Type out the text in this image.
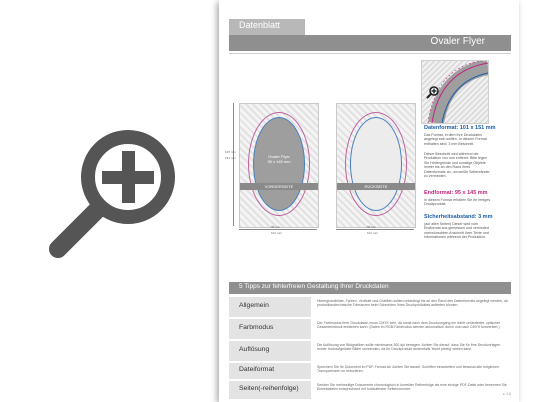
Datenblatt
Ovaler Flyer
Ovaler Flyer
95 x 145 mm
VORDERSEITE	RÜCKSEITE
95 mm
101 mm
95 mm
101 mm
145 mm
151 mm
Datenformat: 101 x 151 mm
Das Format, in dem Ihre Druckdaten angelegt sein sollten. In diesem Format enthalten sind: 3 mm Beschnitt.
Dieser Beschnitt wird während der Produktion von uns entfernt. Bitte legen Sie Hintergründe und sonstige Objekte immer bis an den Rand Ihres Datenformats an, um weiße Seitenränder zu vermeiden.
Endformat: 95 x 145 mm
In diesem Format erhalten Sie Ihr fertiges Druckprodukt.
Sicherheitsabstand: 3 mm
(auf allen Seiten) Dieser wird vom Endformat aus gemessen und verhindert unerwünschten Anschnitt Ihrer Texte und Informationen während der Produktion.
5 Tipps zur fehlerfreien Gestaltung Ihrer Druckdaten
Allgemein
Hintergrundbilder, Farben, Verläufe und Grafiken sollten unbedingt bis an den Rand des Datenformats angelegt werden, da produktionstechnische Toleranzen beim Schneiden Ihres Druckproduktes auftreten können.
Farbmodus
Der Farbmodus Ihrer Druckdaten muss CMYK sein, da sonst nach dem Druckvorgang ein leicht veränderter, optischer Gesamteindruck entstehen kann. (Daten im RGB-Farbmodus werden automatisch durch uns nach CMYK konvertiert.)
Auflösung
Die Auflösung von Bildgrafiken sollte mindestens 300 dpi betragen. Achten Sie darauf, dass Sie für Ihre Druckvorlagen immer hochaufgelöste Bilder verwenden, da Ihr Druckprodukt andernfalls 'leicht pixelig' wirken kann.
Dateiformat	Speichern Sie Ihr Dokument im PDF-Format ab. Achten Sie darauf, Schriften einzubetten und bewusst alle möglichen Transparenzen zu reduzieren.
Seiten(-reihenfolge)	Senden Sie mehrseitige Dokumente chronologisch in korrekter Reihenfolge als eine einzige PDF-Datei oder benennen Sie Einzeldateien entsprechend mit fortlaufender Seitennummer.
v. 1.0
